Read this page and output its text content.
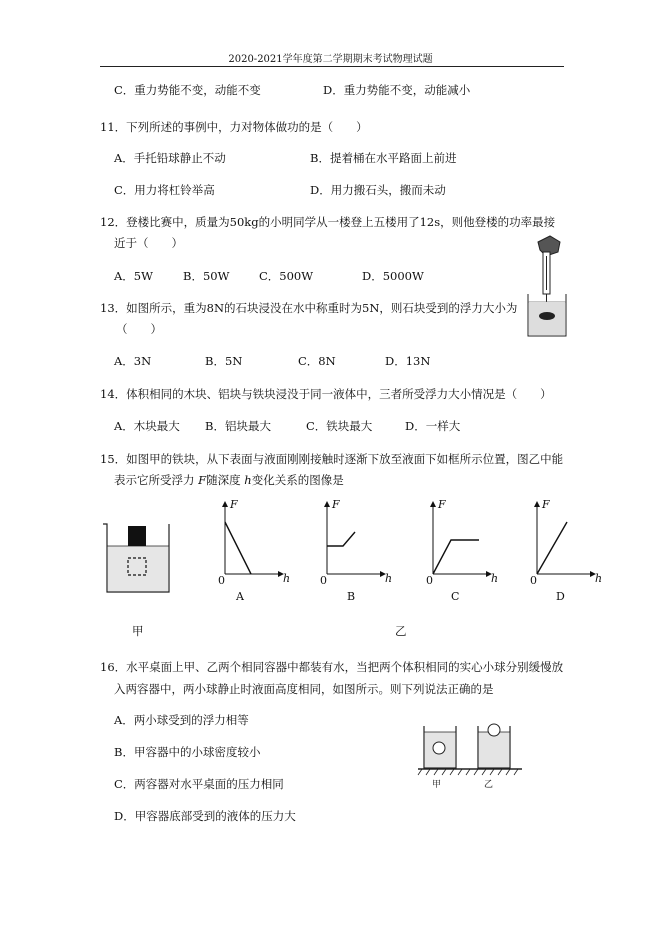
2020-2021学年度第二学期期末考试物理试题
C．重力势能不变，动能不变	D．重力势能不变，动能减小
11．下列所述的事例中，力对物体做功的是（　　）
A．手托铅球静止不动	B．提着桶在水平路面上前进
C．用力将杠铃举高	D．用力搬石头，搬而未动
12．登楼比赛中，质量为50kg的小明同学从一楼登上五楼用了12s，则他登楼的功率最接
近于（　　）
A．5W	B．50W	C．500W	D．5000W
13．如图所示，重为8N的石块浸没在水中称重时为5N，则石块受到的浮力大小为
（　　）
A．3N	B．5N	C．8N	D．13N
14．体积相同的木块、铝块与铁块浸没于同一液体中，三者所受浮力大小情况是（　　）
A．木块最大 B．铝块最大	C．铁块最大	D．一样大
15．如图甲的铁块，从下表面与液面刚刚接触时逐渐下放至液面下如框所示位置，图乙中能
表示它所受浮力 F随深度 h变化关系的图像是
F
h
0
F
h
0
F
h
0
F
h
0
A	B	C	D
甲	乙
16．水平桌面上甲、乙两个相同容器中都装有水，当把两个体积相同的实心小球分别缓慢放
入两容器中，两小球静止时液面高度相同，如图所示。则下列说法正确的是
A．两小球受到的浮力相等
B．甲容器中的小球密度较小
C．两容器对水平桌面的压力相同
D．甲容器底部受到的液体的压力大
甲	乙
